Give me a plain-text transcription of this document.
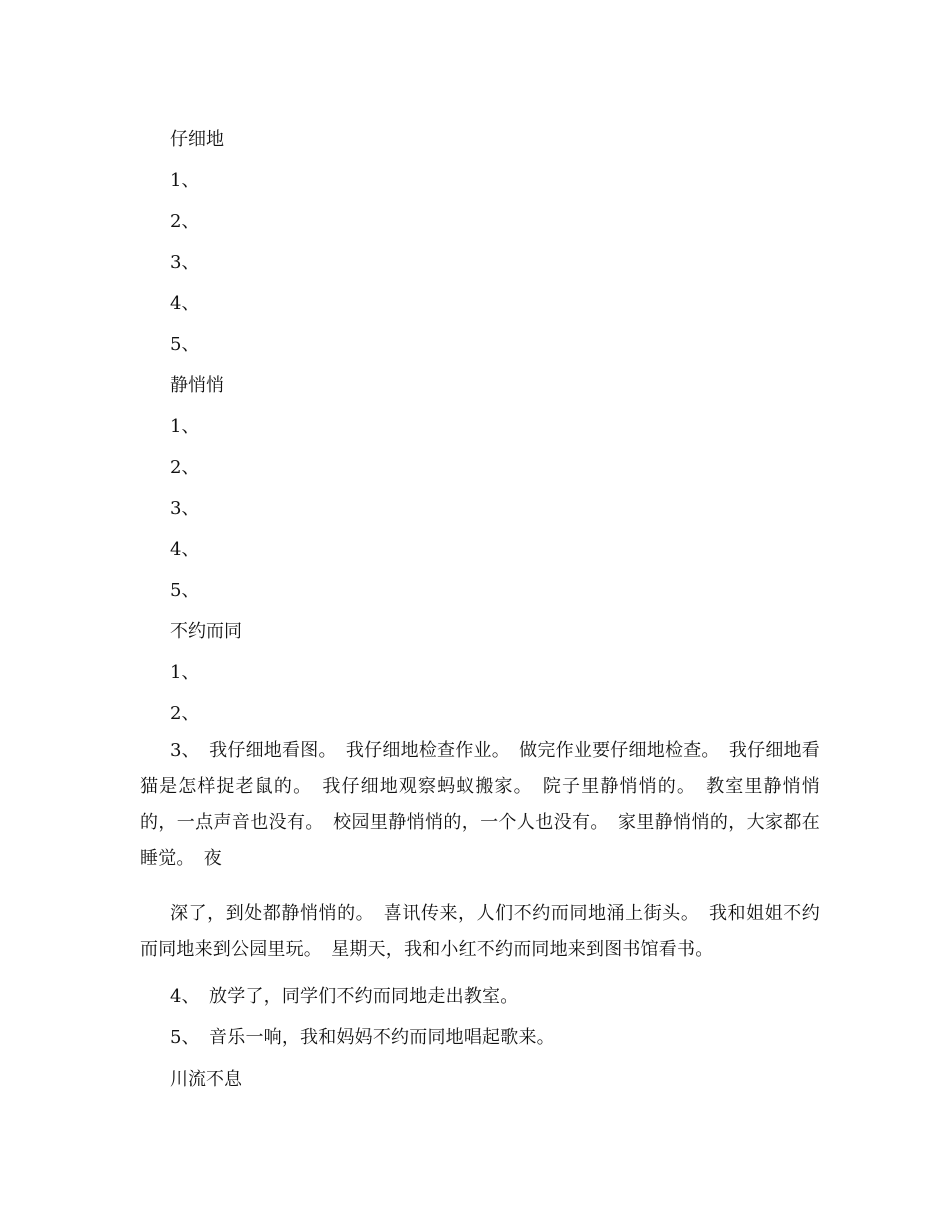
仔细地
1、
2、
3、
4、
5、
静悄悄
1、
2、
3、
4、
5、
不约而同
1、
2、
3、　我仔细地看图。　我仔细地检查作业。　做完作业要仔细地检查。　我仔细地看猫是怎样捉老鼠的。　我仔细地观察蚂蚁搬家。　院子里静悄悄的。　教室里静悄悄的，一点声音也没有。　校园里静悄悄的，一个人也没有。　家里静悄悄的，大家都在睡觉。　夜
深了，到处都静悄悄的。　喜讯传来，人们不约而同地涌上街头。　我和姐姐不约而同地来到公园里玩。　星期天，我和小红不约而同地来到图书馆看书。
4、　放学了，同学们不约而同地走出教室。
5、　音乐一响，我和妈妈不约而同地唱起歌来。
川流不息
